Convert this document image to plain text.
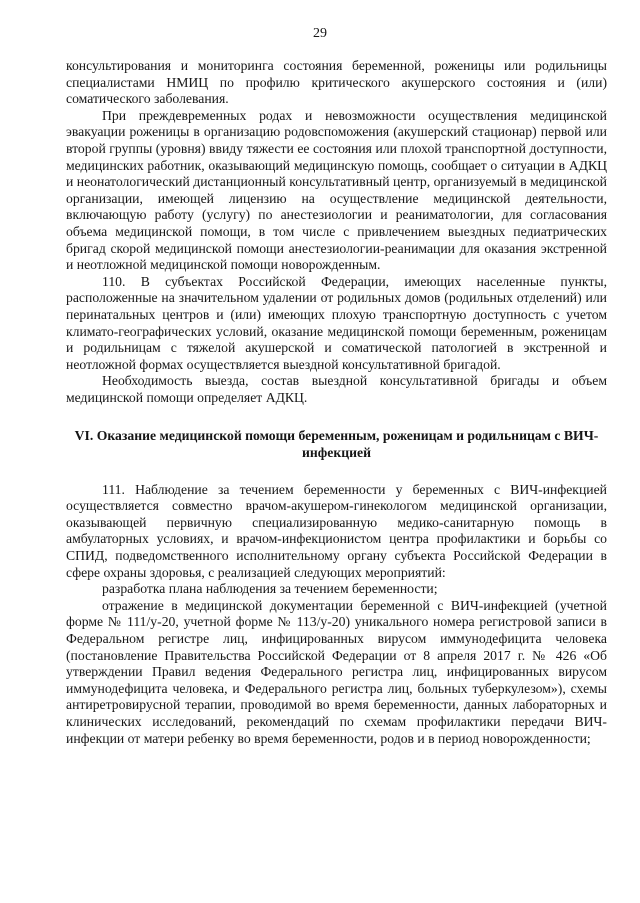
29

консультирования и мониторинга состояния беременной, роженицы или родильницы специалистами НМИЦ по профилю критического акушерского состояния и (или) соматического заболевания.

При преждевременных родах и невозможности осуществления медицинской эвакуации роженицы в организацию родовспоможения (акушерский стационар) первой или второй группы (уровня) ввиду тяжести ее состояния или плохой транспортной доступности, медицинских работник, оказывающий медицинскую помощь, сообщает о ситуации в АДКЦ и неонатологический дистанционный консультативный центр, организуемый в медицинской организации, имеющей лицензию на осуществление медицинской деятельности, включающую работу (услугу) по анестезиологии и реаниматологии, для согласования объема медицинской помощи, в том числе с привлечением выездных педиатрических бригад скорой медицинской помощи анестезиологии-реанимации для оказания экстренной и неотложной медицинской помощи новорожденным.

110. В субъектах Российской Федерации, имеющих населенные пункты, расположенные на значительном удалении от родильных домов (родильных отделений) или перинатальных центров и (или) имеющих плохую транспортную доступность с учетом климато-географических условий, оказание медицинской помощи беременным, роженицам и родильницам с тяжелой акушерской и соматической патологией в экстренной и неотложной формах осуществляется выездной консультативной бригадой.

Необходимость выезда, состав выездной консультативной бригады и объем медицинской помощи определяет АДКЦ.

VI. Оказание медицинской помощи беременным, роженицам и родильницам с ВИЧ-инфекцией

111. Наблюдение за течением беременности у беременных с ВИЧ-инфекцией осуществляется совместно врачом-акушером-гинекологом медицинской организации, оказывающей первичную специализированную медико-санитарную помощь в амбулаторных условиях, и врачом-инфекционистом центра профилактики и борьбы со СПИД, подведомственного исполнительному органу субъекта Российской Федерации в сфере охраны здоровья, с реализацией следующих мероприятий:

разработка плана наблюдения за течением беременности;

отражение в медицинской документации беременной с ВИЧ-инфекцией (учетной форме № 111/у-20, учетной форме № 113/у-20) уникального номера регистровой записи в Федеральном регистре лиц, инфицированных вирусом иммунодефицита человека (постановление Правительства Российской Федерации от 8 апреля 2017 г. № 426 «Об утверждении Правил ведения Федерального регистра лиц, инфицированных вирусом иммунодефицита человека, и Федерального регистра лиц, больных туберкулезом»), схемы антиретровирусной терапии, проводимой во время беременности, данных лабораторных и клинических исследований, рекомендаций по схемам профилактики передачи ВИЧ-инфекции от матери ребенку во время беременности, родов и в период новорожденности;
